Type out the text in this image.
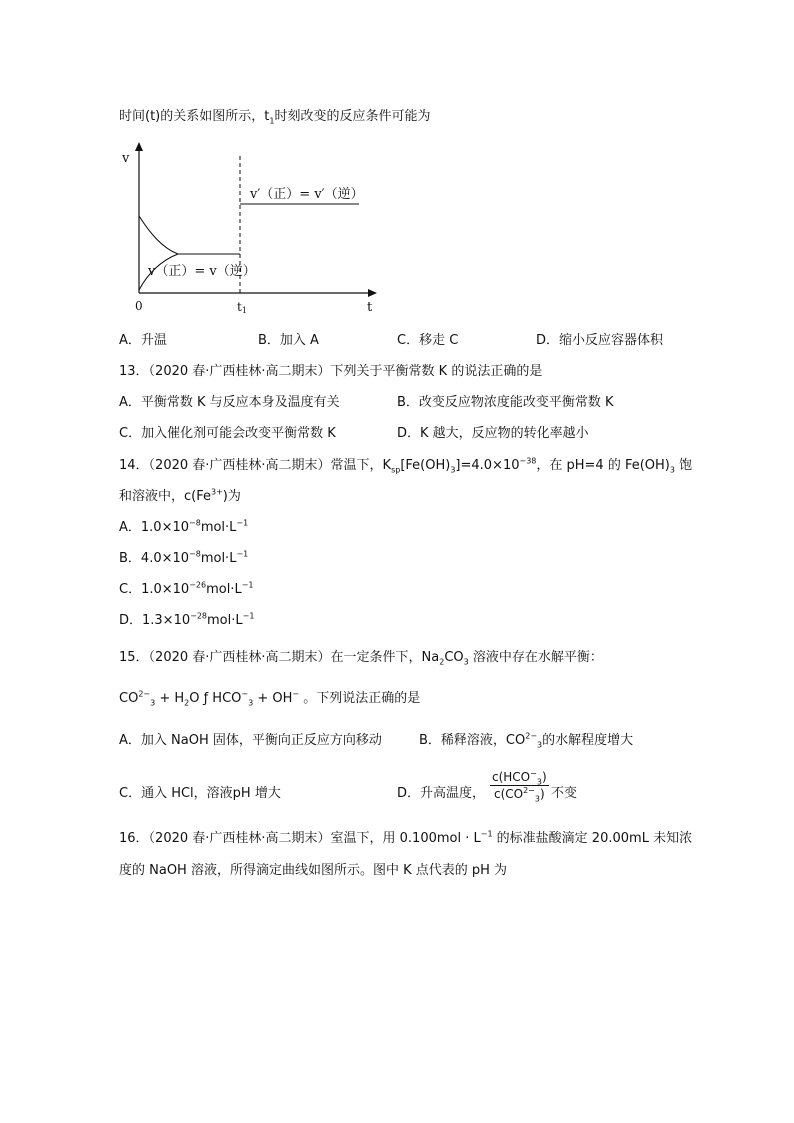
时间(t)的关系如图所示，$t_1$时刻改变的反应条件可能为
v
t
0	t1
v′（正）= v′（逆）
v（正）= v（逆）
A．升温	B．加入 A	C．移走 C	D．缩小反应容器体积
13．（2020 春·广西桂林·高二期末）下列关于平衡常数 K 的说法正确的是
A．平衡常数 K 与反应本身及温度有关	B．改变反应物浓度能改变平衡常数 K
C．加入催化剂可能会改变平衡常数 K	D．K 越大，反应物的转化率越小
14．（2020 春·广西桂林·高二期末）常温下，$K_{sp}[Fe(OH)_3]=4.0\times 10^{-38}$，在 pH=4 的 $Fe(OH)_3$ 饱
和溶液中，$c(Fe^{3+})$为
A．$1.0\times 10^{-8}mol\cdot L^{-1}$
B．$4.0\times 10^{-8}mol\cdot L^{-1}$
C．$1.0\times 10^{-26}mol\cdot L^{-1}$
D．$1.3\times 10^{-28}mol\cdot L^{-1}$
15．（2020 春·广西桂林·高二期末）在一定条件下，$Na_2CO_3$ 溶液中存在水解平衡：
$CO^{2-}_3 + H_2O$ ƒ $HCO^-_3 + OH^-$ 。下列说法正确的是
A．加入 NaOH 固体，平衡向正反应方向移动	B．稀释溶液，$CO^{2-}_3$的水解程度增大
C．通入 HCl，溶液pH 增大	D．升高温度，
$c(HCO^-_3)$
$c(CO^{2-}_3)$ 不变
16．（2020 春·广西桂林·高二期末）室温下，用 $0.100mol \cdot L^{-1}$ 的标准盐酸滴定 20.00mL 未知浓
度的 NaOH 溶液，所得滴定曲线如图所示。图中 K 点代表的 pH 为
